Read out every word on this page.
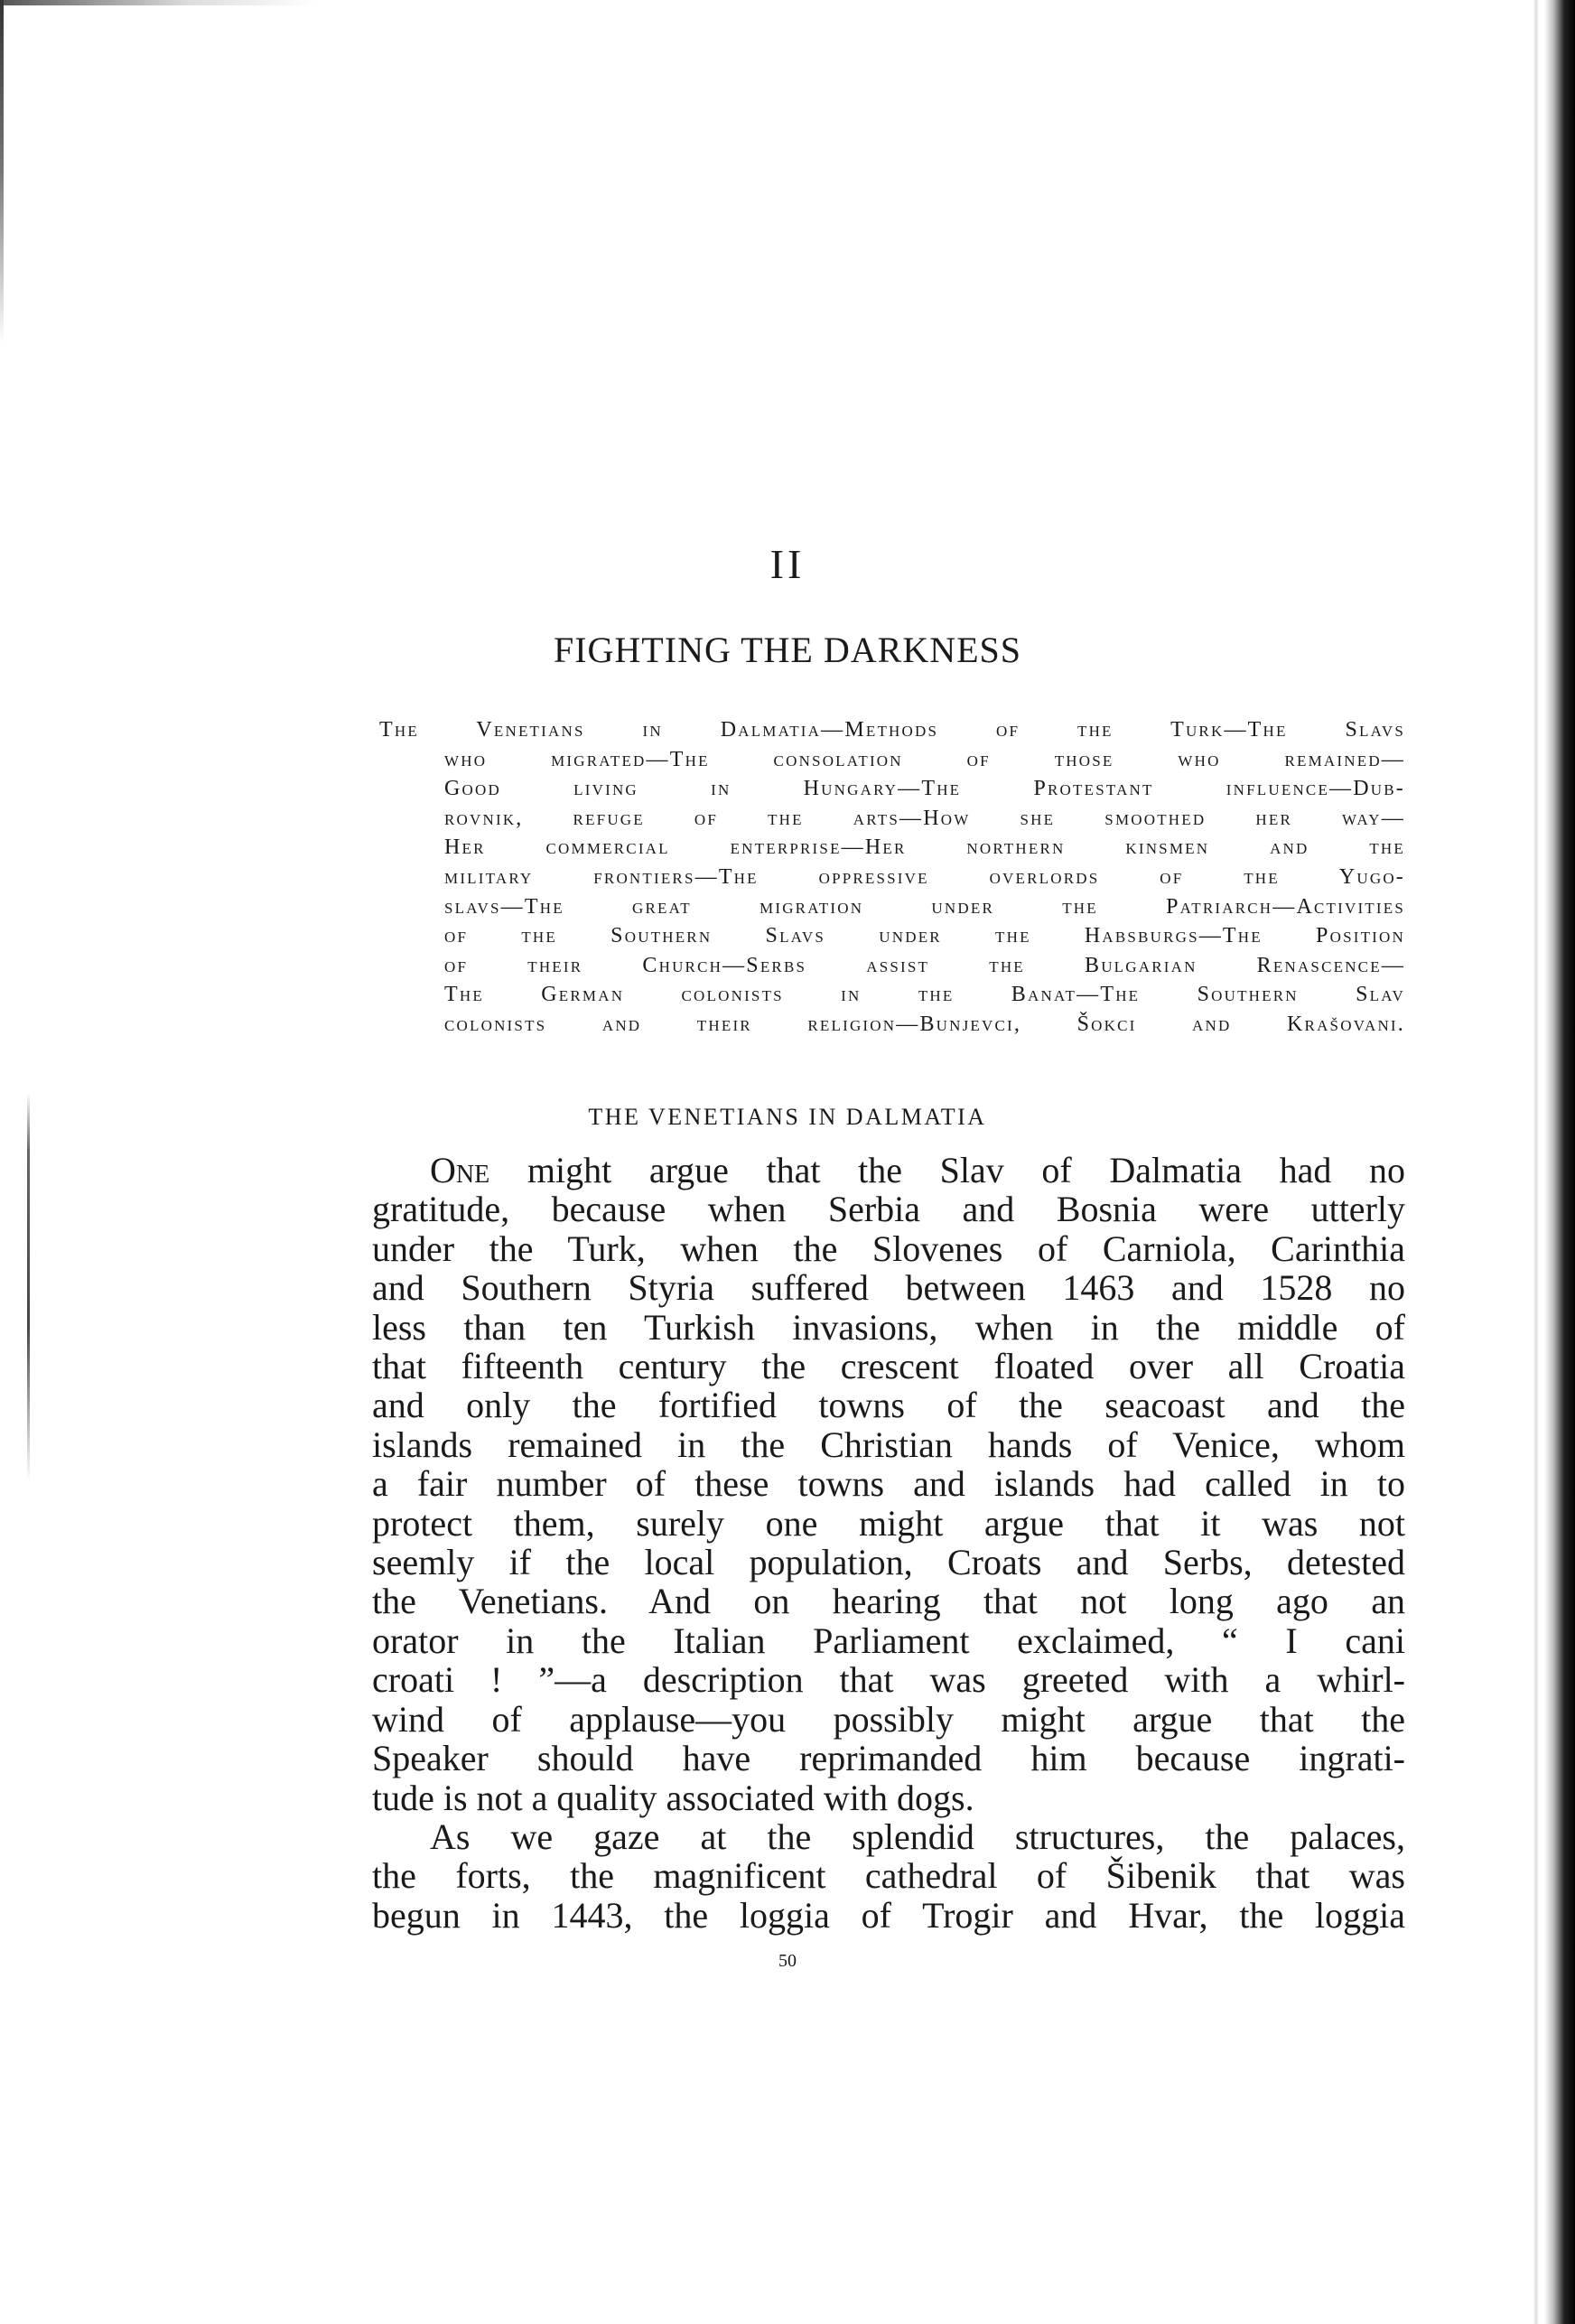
II
FIGHTING THE DARKNESS
The Venetians in Dalmatia—Methods of the Turk—The Slavs
who migrated—The consolation of those who remained—
Good living in Hungary—The Protestant influence—Dub-
rovnik, refuge of the arts—How she smoothed her way—
Her commercial enterprise—Her northern kinsmen and the
military frontiers—The oppressive overlords of the Yugo-
slavs—The great migration under the Patriarch—Activities
of the Southern Slavs under the Habsburgs—The Position
of their Church—Serbs assist the Bulgarian Renascence—
The German colonists in the Banat—The Southern Slav
colonists and their religion—Bunjevci, Šokci and Krašovani.
THE VENETIANS IN DALMATIA
One might argue that the Slav of Dalmatia had no
gratitude, because when Serbia and Bosnia were utterly
under the Turk, when the Slovenes of Carniola, Carinthia
and Southern Styria suffered between 1463 and 1528 no
less than ten Turkish invasions, when in the middle of
that fifteenth century the crescent floated over all Croatia
and only the fortified towns of the seacoast and the
islands remained in the Christian hands of Venice, whom
a fair number of these towns and islands had called in to
protect them, surely one might argue that it was not
seemly if the local population, Croats and Serbs, detested
the Venetians. And on hearing that not long ago an
orator in the Italian Parliament exclaimed, “ I cani
croati ! ”—a description that was greeted with a whirl-
wind of applause—you possibly might argue that the
Speaker should have reprimanded him because ingrati-
tude is not a quality associated with dogs.
As we gaze at the splendid structures, the palaces,
the forts, the magnificent cathedral of Šibenik that was
begun in 1443, the loggia of Trogir and Hvar, the loggia
50
